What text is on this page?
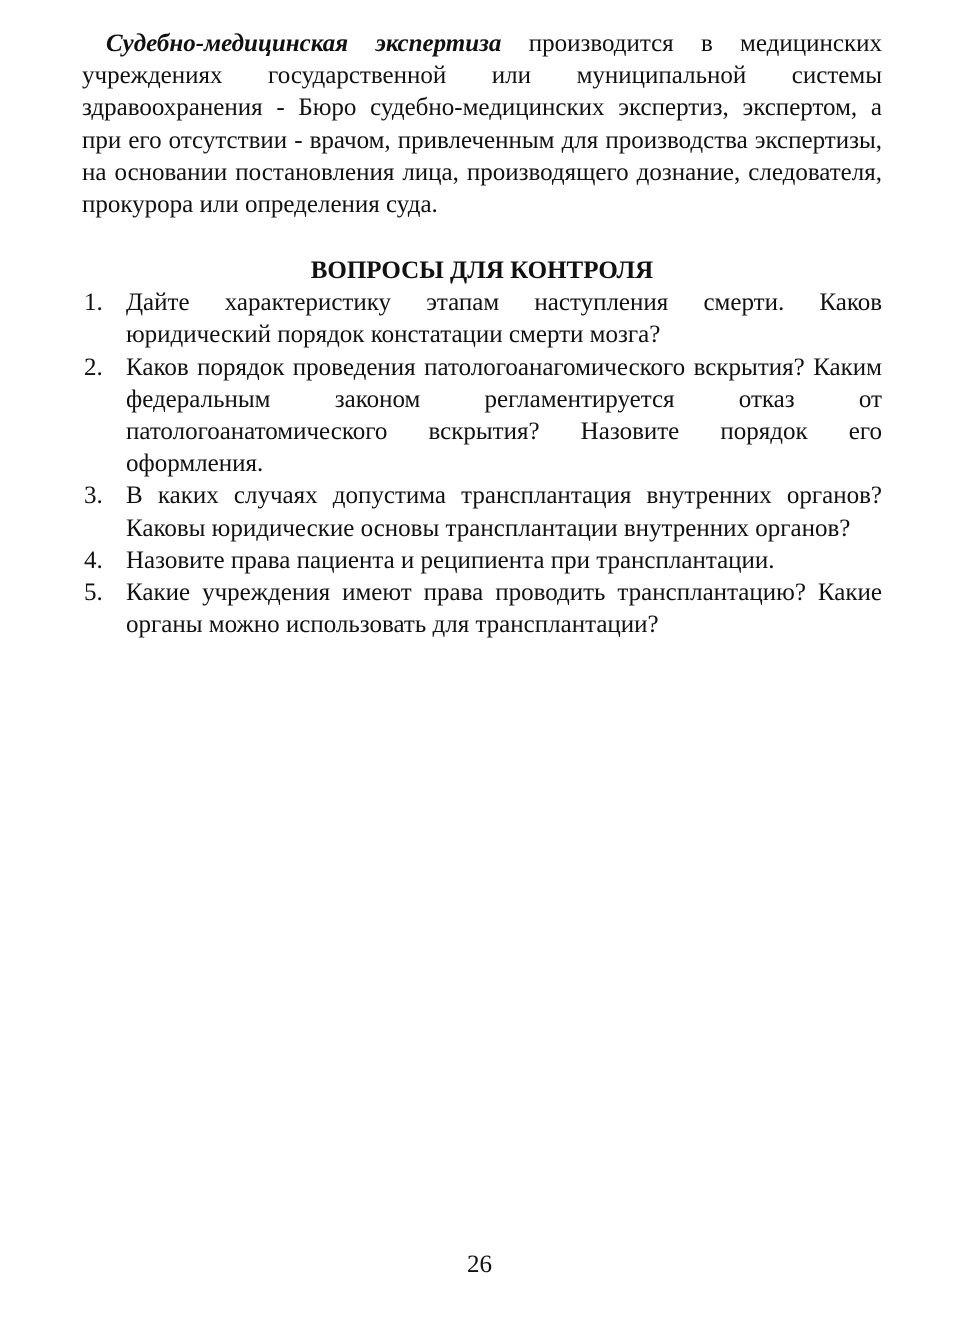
Судебно-медицинская экспертиза производится в медицинских учреждениях государственной или муниципальной системы здравоохранения - Бюро судебно-медицинских экспертиз, экспертом, а при его отсутствии - врачом, привлеченным для производства экспертизы, на основании постановления лица, производящего дознание, следователя, прокурора или определения суда.

ВОПРОСЫ ДЛЯ КОНТРОЛЯ
1. Дайте характеристику этапам наступления смерти. Каков юридический порядок констатации смерти мозга?
2. Каков порядок проведения патологоанагомического вскрытия? Каким федеральным законом регламентируется отказ от патологоанатомического вскрытия? Назовите порядок его оформления.
3. В каких случаях допустима трансплантация внутренних органов? Каковы юридические основы трансплантации внутренних органов?
4. Назовите права пациента и реципиента при трансплантации.
5. Какие учреждения имеют права проводить трансплантацию? Какие органы можно использовать для трансплантации?
26
